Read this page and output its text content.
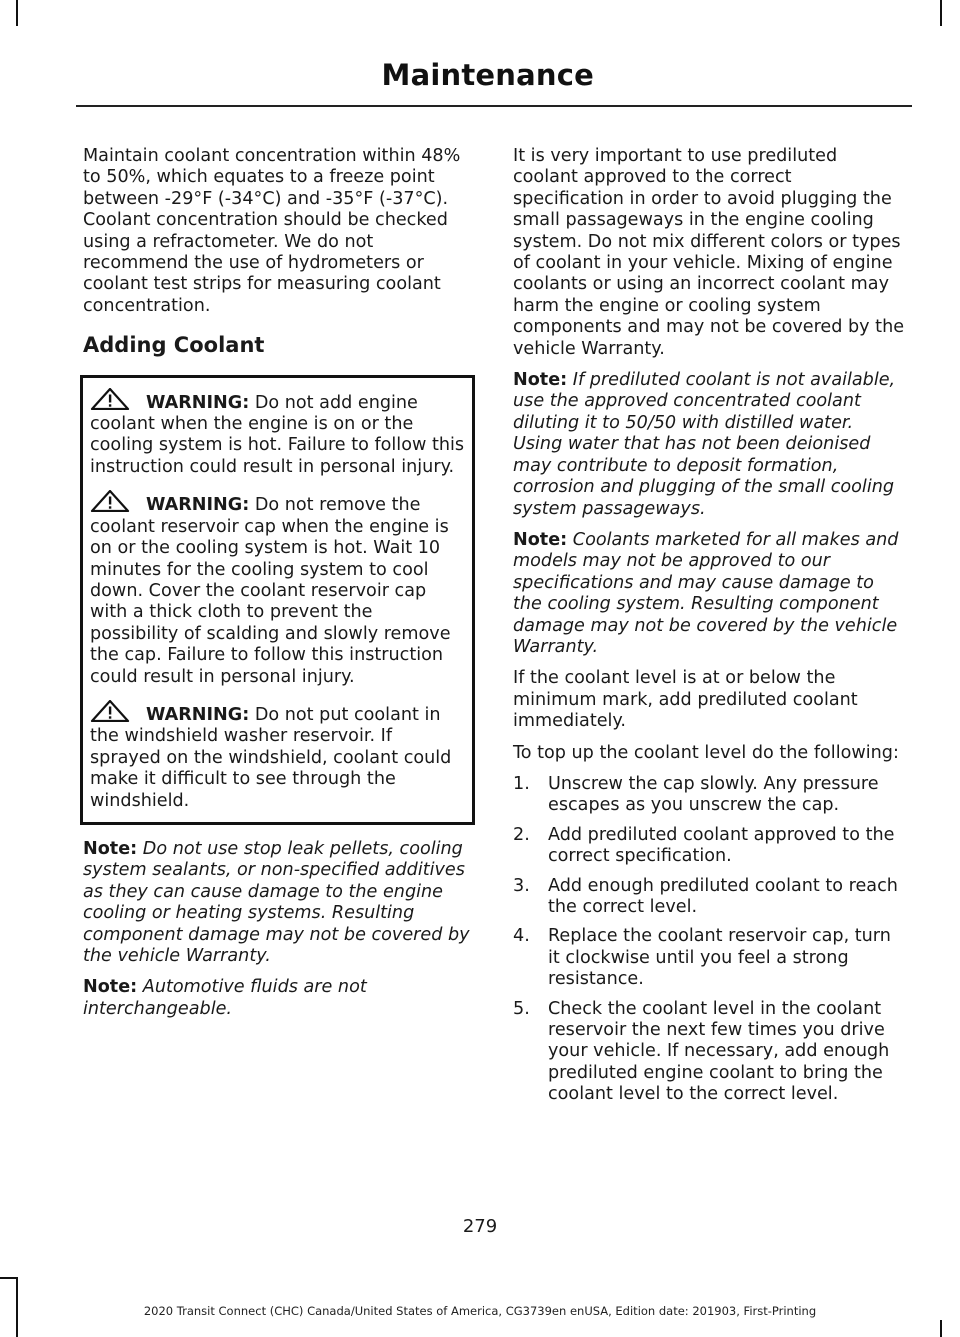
Maintenance

Maintain coolant concentration within 48% to 50%, which equates to a freeze point between -29°F (-34°C) and -35°F (-37°C). Coolant concentration should be checked using a refractometer. We do not recommend the use of hydrometers or coolant test strips for measuring coolant concentration.

Adding Coolant
WARNING: Do not add engine coolant when the engine is on or the cooling system is hot. Failure to follow this instruction could result in personal injury.
WARNING: Do not remove the coolant reservoir cap when the engine is on or the cooling system is hot. Wait 10 minutes for the cooling system to cool down. Cover the coolant reservoir cap with a thick cloth to prevent the possibility of scalding and slowly remove the cap. Failure to follow this instruction could result in personal injury.
WARNING: Do not put coolant in the windshield washer reservoir. If sprayed on the windshield, coolant could make it difficult to see through the windshield.

Note: Do not use stop leak pellets, cooling system sealants, or non-specified additives as they can cause damage to the engine cooling or heating systems. Resulting component damage may not be covered by the vehicle Warranty.

Note: Automotive fluids are not interchangeable.

It is very important to use prediluted coolant approved to the correct specification in order to avoid plugging the small passageways in the engine cooling system. Do not mix different colors or types of coolant in your vehicle. Mixing of engine coolants or using an incorrect coolant may harm the engine or cooling system components and may not be covered by the vehicle Warranty.

Note: If prediluted coolant is not available, use the approved concentrated coolant diluting it to 50/50 with distilled water. Using water that has not been deionised may contribute to deposit formation, corrosion and plugging of the small cooling system passageways.

Note: Coolants marketed for all makes and models may not be approved to our specifications and may cause damage to the cooling system. Resulting component damage may not be covered by the vehicle Warranty.

If the coolant level is at or below the minimum mark, add prediluted coolant immediately.

To top up the coolant level do the following:

1. Unscrew the cap slowly. Any pressure escapes as you unscrew the cap.
2. Add prediluted coolant approved to the correct specification.
3. Add enough prediluted coolant to reach the correct level.
4. Replace the coolant reservoir cap, turn it clockwise until you feel a strong resistance.
5. Check the coolant level in the coolant reservoir the next few times you drive your vehicle. If necessary, add enough prediluted engine coolant to bring the coolant level to the correct level.
279
2020 Transit Connect (CHC) Canada/United States of America, CG3739en enUSA, Edition date: 201903, First-Printing
